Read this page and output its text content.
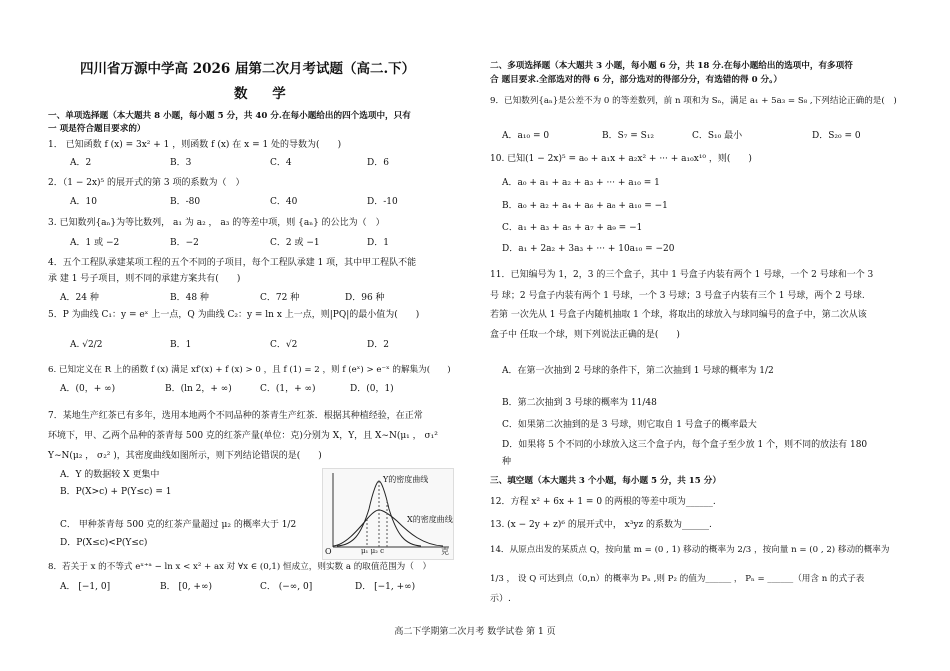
四川省万源中学高 2026 届第二次月考试题（高二.下）
数 学
一、单项选择题（本大题共 8 小题，每小题 5 分，共 40 分.在每小题给出的四个选项中，只有
一 项是符合题目要求的）
1． 已知函数 f (x) = 3x² + 1 ，则函数 f (x) 在 x = 1 处的导数为(　　)
A．2	B．3	C．4	D．6
2．（1 − 2x)⁵ 的展开式的第 3 项的系数为（　）
A．10	B．-80	C．40	D．-10
3. 已知数列{aₙ}为等比数列， a₁ 为 a₂ ， a₃ 的等差中项，则 {aₙ} 的公比为（　）
A．1 或 −2	B．−2	C．2 或 −1	D．1
4．五个工程队承建某项工程的五个不同的子项目，每个工程队承建 1 项，其中甲工程队不能
承 建 1 号子项目，则不同的承建方案共有(　　)
A．24 种	B．48 种	C．72 种	D．96 种
5．P 为曲线 C₁：y = eˣ 上一点，Q 为曲线 C₂：y = ln x 上一点，则|PQ|的最小值为(　　)
A. √2/2	B．1	C．√2	D．2
6. 已知定义在 R 上的函数 f (x) 满足 xf′(x) + f (x) > 0 ，且 f (1) = 2 ，则 f (eˣ) > e⁻ˣ 的解集为(　　)
A．(0，+ ∞)	B．(ln 2，+ ∞)	C．(1，+ ∞)	D．(0，1)
7．某地生产红茶已有多年，选用本地两个不同品种的茶青生产红茶．根据其种植经验，在正常
环境下，甲、乙两个品种的茶青每 500 克的红茶产量(单位：克)分别为 X，Y，且 X∼N(μ₁ ， σ₁²
Y∼N(μ₂ ， σ₂² )，其密度曲线如图所示，则下列结论错误的是(　　)
A．Y 的数据较 X 更集中
B．P(X>c) + P(Y≤c) = 1
C． 甲种茶青每 500 克的红茶产量超过 μ₂ 的概率大于 1/2
D．P(X≤c)<P(Y≤c)
Y的密度曲线
X的密度曲线
O	克
μ₁ μ₂ c
8．若关于 x 的不等式 eˣ⁺ᵃ − ln x < x² + ax 对 ∀x ∈ (0,1) 恒成立，则实数 a 的取值范围为（　）
A． [−1, 0]	B． [0, +∞)	C． (−∞, 0]	D． [−1, +∞)
二、多项选择题（本大题共 3 小题，每小题 6 分，共 18 分.在每小题给出的选项中，有多项符
合 题目要求.全部选对的得 6 分，部分选对的得部分分，有选错的得 0 分。）
9．已知数列{aₙ}是公差不为 0 的等差数列，前 n 项和为 Sₙ，满足 a₁ + 5a₃ = S₈ ,下列结论正确的是(　)
A．a₁₀ = 0	B．S₇ = S₁₂	C．S₁₀ 最小	D．S₂₀ = 0
10. 已知(1 − 2x)⁵ = a₀ + a₁x + a₂x² + ··· + a₁₀x¹⁰ ，则(　　)
A．a₀ + a₁ + a₂ + a₃ + ··· + a₁₀ = 1
B．a₀ + a₂ + a₄ + a₆ + a₈ + a₁₀ = −1
C．a₁ + a₃ + a₅ + a₇ + a₉ = −1
D．a₁ + 2a₂ + 3a₃ + ··· + 10a₁₀ = −20
11．已知编号为 1，2，3 的三个盒子，其中 1 号盒子内装有两个 1 号球，一个 2 号球和一个 3
号 球；2 号盒子内装有两个 1 号球，一个 3 号球；3 号盒子内装有三个 1 号球，两个 2 号球.
若第 一次先从 1 号盒子内随机抽取 1 个球，将取出的球放入与球同编号的盒子中，第二次从该
盒子中 任取一个球，则下列说法正确的是(　　)
A．在第一次抽到 2 号球的条件下，第二次抽到 1 号球的概率为 1/2
B．第二次抽到 3 号球的概率为 11/48
C．如果第二次抽到的是 3 号球，则它取自 1 号盒子的概率最大
D．如果将 5 个不同的小球放入这三个盒子内，每个盒子至少放 1 个，则不同的放法有 180
种
三、填空题（本大题共 3 个小题，每小题 5 分，共 15 分）
12．方程 x² + 6x + 1 = 0 的两根的等差中项为______.
13. (x − 2y + z)⁶ 的展开式中， x³yz 的系数为______.
14．从原点出发的某质点 Q，按向量 m = (0 , 1) 移动的概率为 2/3 ，按向量 n = (0 , 2) 移动的概率为
1/3 ， 设 Q 可达到点（0,n）的概率为 Pₙ ,则 P₂ 的值为______ ， Pₙ = ______（用含 n 的式子表
示）.
高二下学期第二次月考 数学试卷 第 1 页
